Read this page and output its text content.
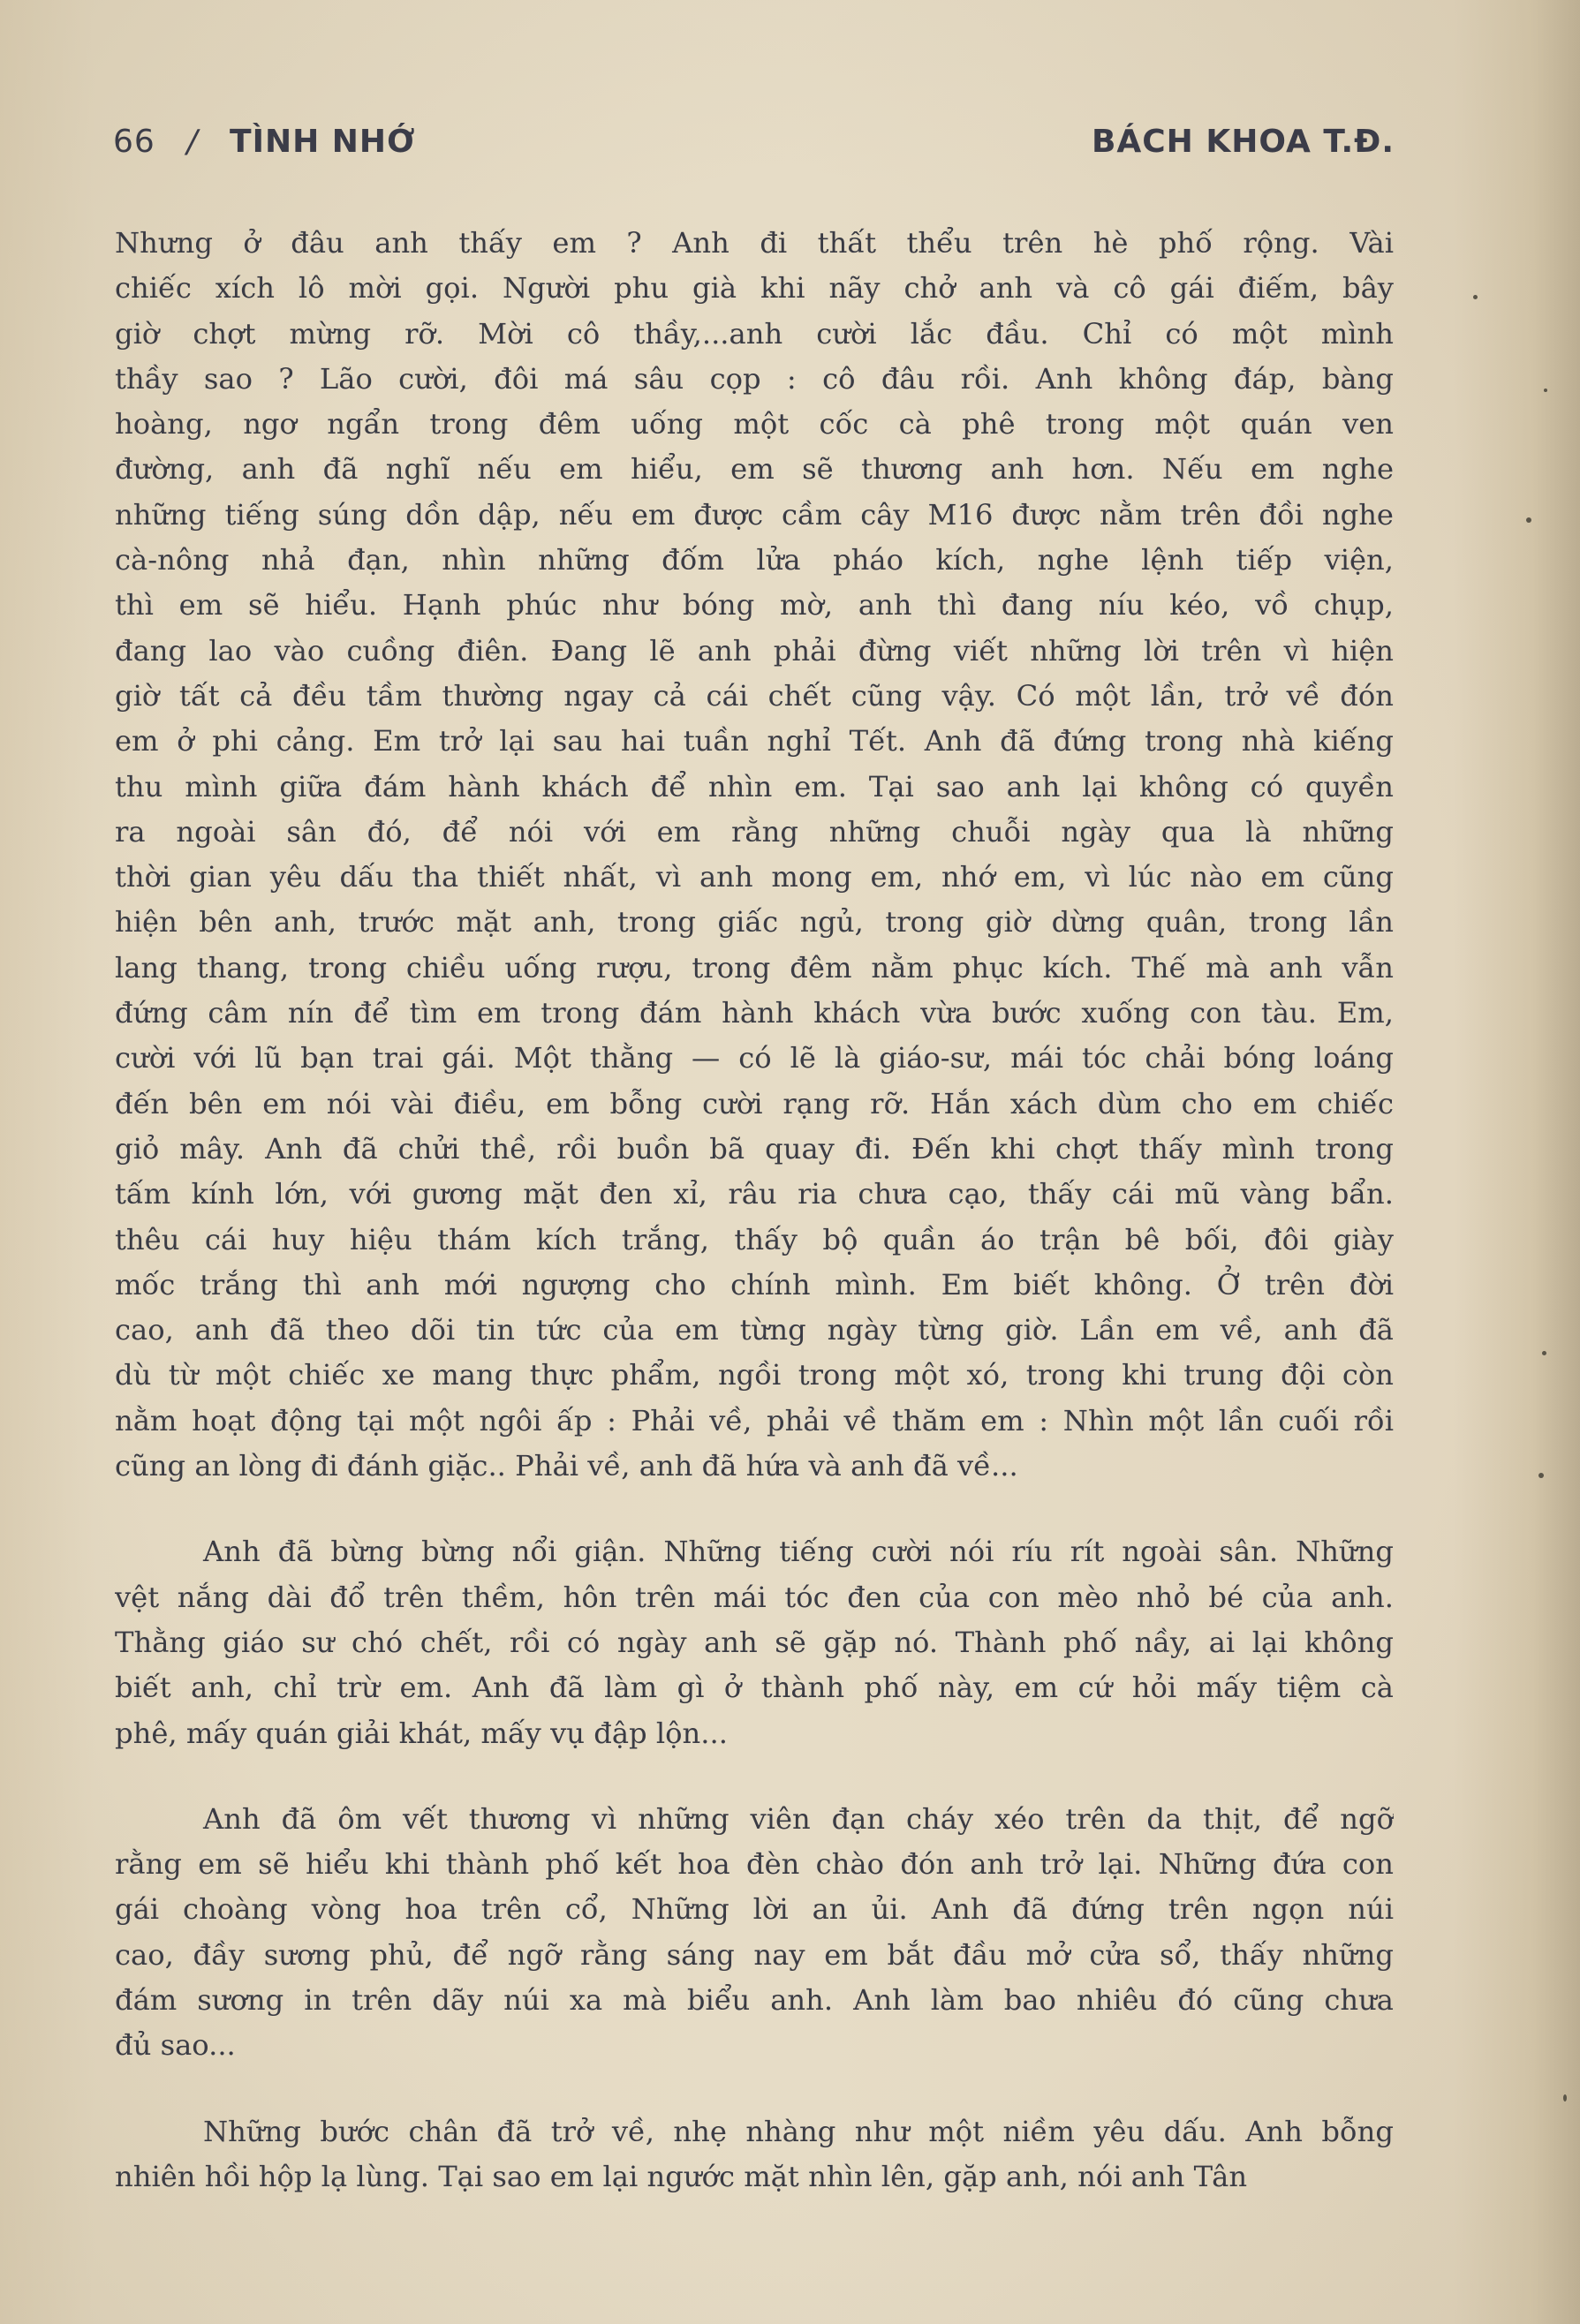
66 / TÌNH NHỚ	BÁCH KHOA T.Đ.
Nhưng ở đâu anh thấy em ? Anh đi thất thểu trên hè phố rộng. Vài
chiếc xích lô mời gọi. Người phu già khi nãy chở anh và cô gái điếm, bây
giờ chợt mừng rỡ. Mời cô thầy,...anh cười lắc đầu. Chỉ có một mình
thầy sao ? Lão cười, đôi má sâu cọp : cô đâu rồi. Anh không đáp, bàng
hoàng, ngơ ngẩn trong đêm uống một cốc cà phê trong một quán ven
đường, anh đã nghĩ nếu em hiểu, em sẽ thương anh hơn. Nếu em nghe
những tiếng súng dồn dập, nếu em được cầm cây M16 được nằm trên đồi nghe
cà-nông nhả đạn, nhìn những đốm lửa pháo kích, nghe lệnh tiếp viện,
thì em sẽ hiểu. Hạnh phúc như bóng mờ, anh thì đang níu kéo, vồ chụp,
đang lao vào cuồng điên. Đang lẽ anh phải đừng viết những lời trên vì hiện
giờ tất cả đều tầm thường ngay cả cái chết cũng vậy. Có một lần, trở về đón
em ở phi cảng. Em trở lại sau hai tuần nghỉ Tết. Anh đã đứng trong nhà kiếng
thu mình giữa đám hành khách để nhìn em. Tại sao anh lại không có quyền
ra ngoài sân đó, để nói với em rằng những chuỗi ngày qua là những
thời gian yêu dấu tha thiết nhất, vì anh mong em, nhớ em, vì lúc nào em cũng
hiện bên anh, trước mặt anh, trong giấc ngủ, trong giờ dừng quân, trong lần
lang thang, trong chiều uống rượu, trong đêm nằm phục kích. Thế mà anh vẫn
đứng câm nín để tìm em trong đám hành khách vừa bước xuống con tàu. Em,
cười với lũ bạn trai gái. Một thằng — có lẽ là giáo-sư, mái tóc chải bóng loáng
đến bên em nói vài điều, em bỗng cười rạng rỡ. Hắn xách dùm cho em chiếc
giỏ mây. Anh đã chửi thề, rồi buồn bã quay đi. Đến khi chợt thấy mình trong
tấm kính lớn, với gương mặt đen xỉ, râu ria chưa cạo, thấy cái mũ vàng bẩn.
thêu cái huy hiệu thám kích trắng, thấy bộ quần áo trận bê bối, đôi giày
mốc trắng thì anh mới ngượng cho chính mình. Em biết không. Ở trên đời
cao, anh đã theo dõi tin tức của em từng ngày từng giờ. Lần em về, anh đã
dù từ một chiếc xe mang thực phẩm, ngồi trong một xó, trong khi trung đội còn
nằm hoạt động tại một ngôi ấp : Phải về, phải về thăm em : Nhìn một lần cuối rồi
cũng an lòng đi đánh giặc.. Phải về, anh đã hứa và anh đã về...
Anh đã bừng bừng nổi giận. Những tiếng cười nói ríu rít ngoài sân. Những
vệt nắng dài đổ trên thềm, hôn trên mái tóc đen của con mèo nhỏ bé của anh.
Thằng giáo sư chó chết, rồi có ngày anh sẽ gặp nó. Thành phố nầy, ai lại không
biết anh, chỉ trừ em. Anh đã làm gì ở thành phố này, em cứ hỏi mấy tiệm cà
phê, mấy quán giải khát, mấy vụ đập lộn...
Anh đã ôm vết thương vì những viên đạn cháy xéo trên da thịt, để ngỡ
rằng em sẽ hiểu khi thành phố kết hoa đèn chào đón anh trở lại. Những đứa con
gái choàng vòng hoa trên cổ, Những lời an ủi. Anh đã đứng trên ngọn núi
cao, đầy sương phủ, để ngỡ rằng sáng nay em bắt đầu mở cửa sổ, thấy những
đám sương in trên dãy núi xa mà biểu anh. Anh làm bao nhiêu đó cũng chưa
đủ sao...
Những bước chân đã trở về, nhẹ nhàng như một niềm yêu dấu. Anh bỗng
nhiên hồi hộp lạ lùng. Tại sao em lại ngước mặt nhìn lên, gặp anh, nói anh Tân
